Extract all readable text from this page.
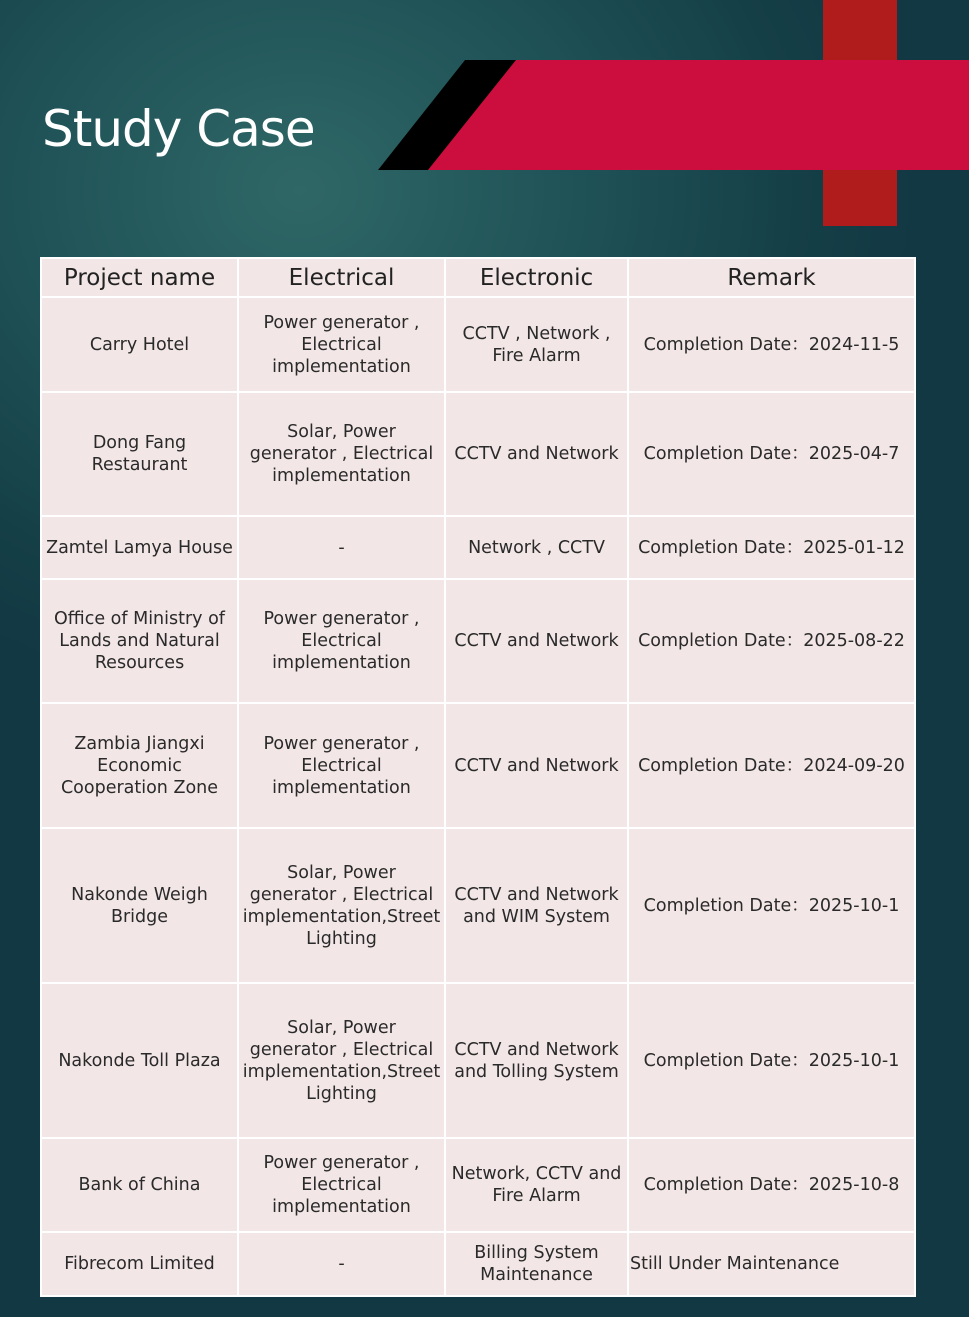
Study Case
Project name	Electrical	Electronic	Remark
Carry Hotel	Power generator , Electrical implementation	CCTV , Network , Fire Alarm	Completion Date：2024-11-5
Dong Fang Restaurant	Solar, Power generator , Electrical implementation	CCTV and Network	Completion Date：2025-04-7
Zamtel Lamya House	-	Network , CCTV	Completion Date：2025-01-12
Office of Ministry of Lands and Natural Resources	Power generator , Electrical implementation	CCTV and Network	Completion Date：2025-08-22
Zambia Jiangxi Economic Cooperation Zone	Power generator , Electrical implementation	CCTV and Network	Completion Date：2024-09-20
Nakonde Weigh Bridge	Solar, Power generator , Electrical implementation,Street Lighting	CCTV and Network and WIM System	Completion Date：2025-10-1
Nakonde Toll Plaza	Solar, Power generator , Electrical implementation,Street Lighting	CCTV and Network and Tolling System	Completion Date：2025-10-1
Bank of China	Power generator , Electrical implementation	Network, CCTV and Fire Alarm	Completion Date：2025-10-8
Fibrecom Limited	-	Billing System Maintenance	Still Under Maintenance
